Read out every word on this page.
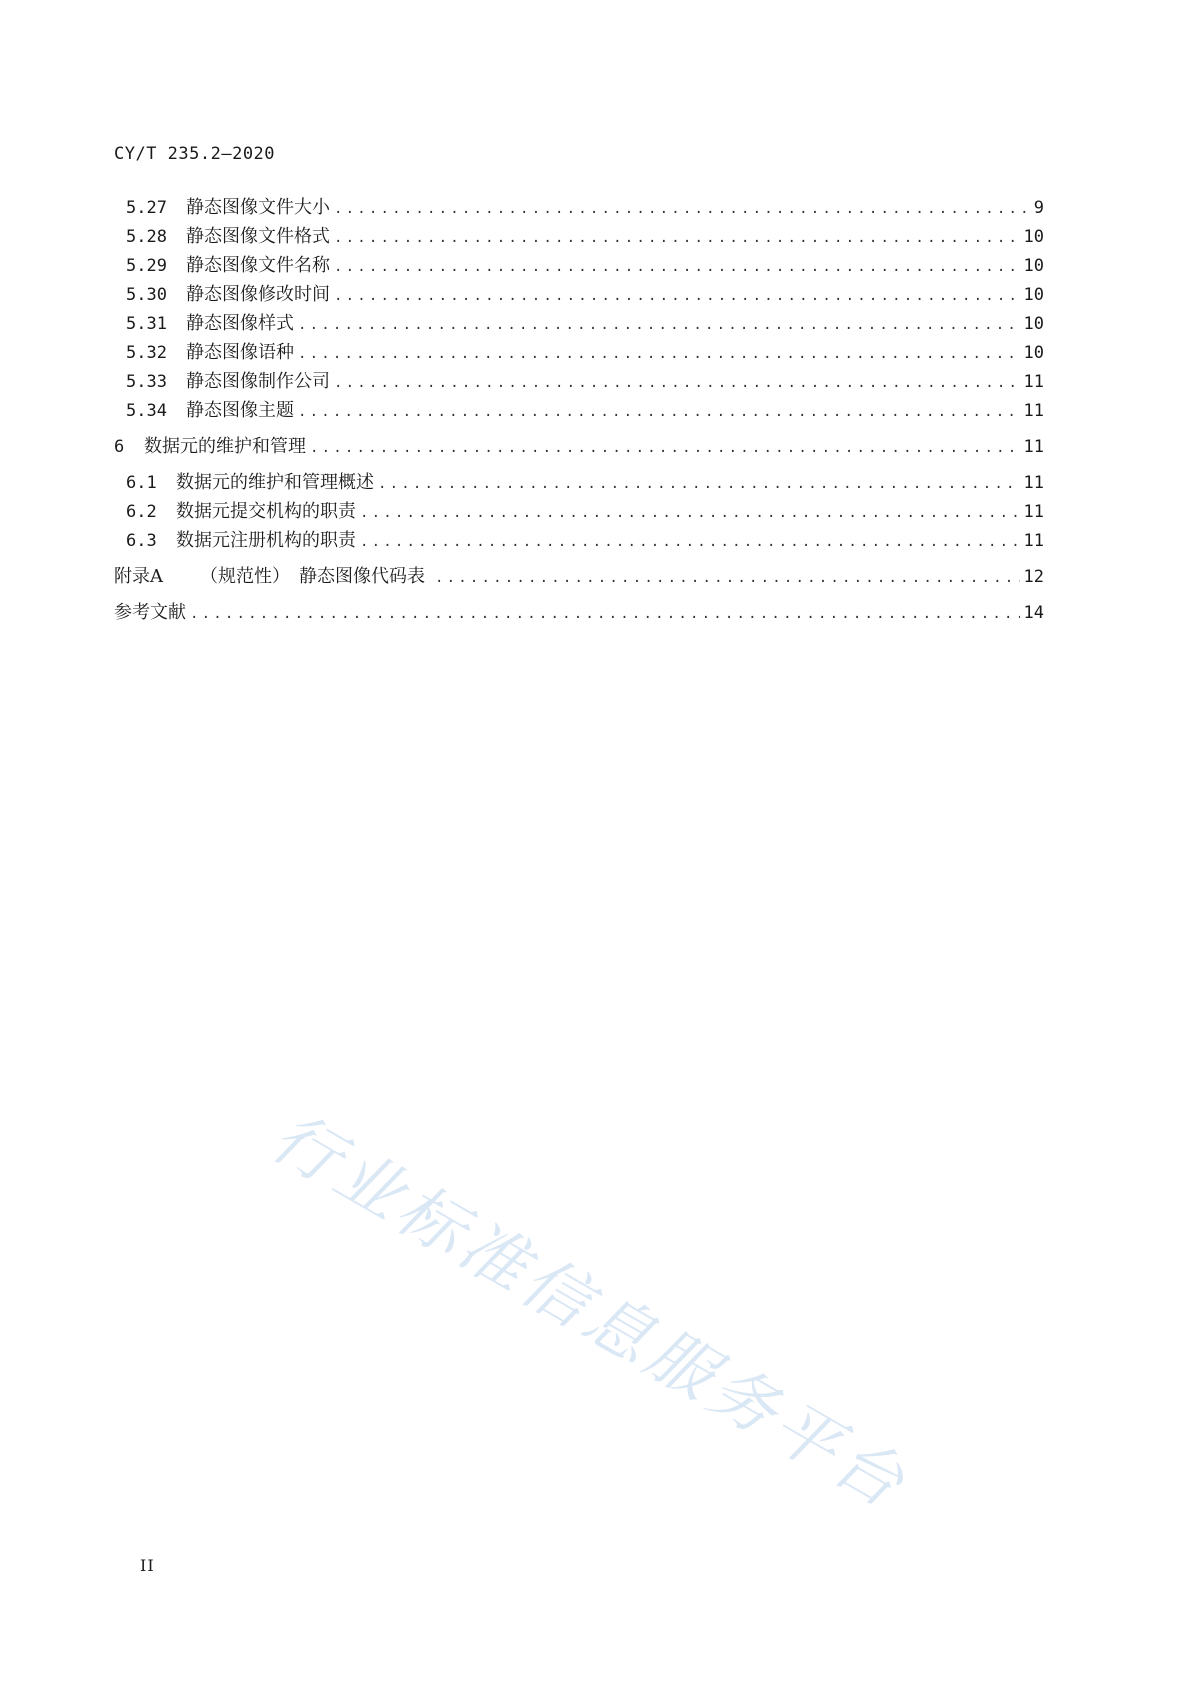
CY/T 235.2—2020
5.27	静态图像文件大小 .....	9
5.28	静态图像文件格式 .....	10
5.29	静态图像文件名称 .....	10
5.30	静态图像修改时间 .....	10
5.31	静态图像样式 .....	10
5.32	静态图像语种 .....	10
5.33	静态图像制作公司 .....	11
5.34	静态图像主题 .....	11
6	数据元的维护和管理 .....	11
6.1	数据元的维护和管理概述 .....	11
6.2	数据元提交机构的职责 .....	11
6.3	数据元注册机构的职责 .....	11
附录A	（规范性）　静态图像代码表 .....	12
参考文献 .....	14
行业标准信息服务平台
II
